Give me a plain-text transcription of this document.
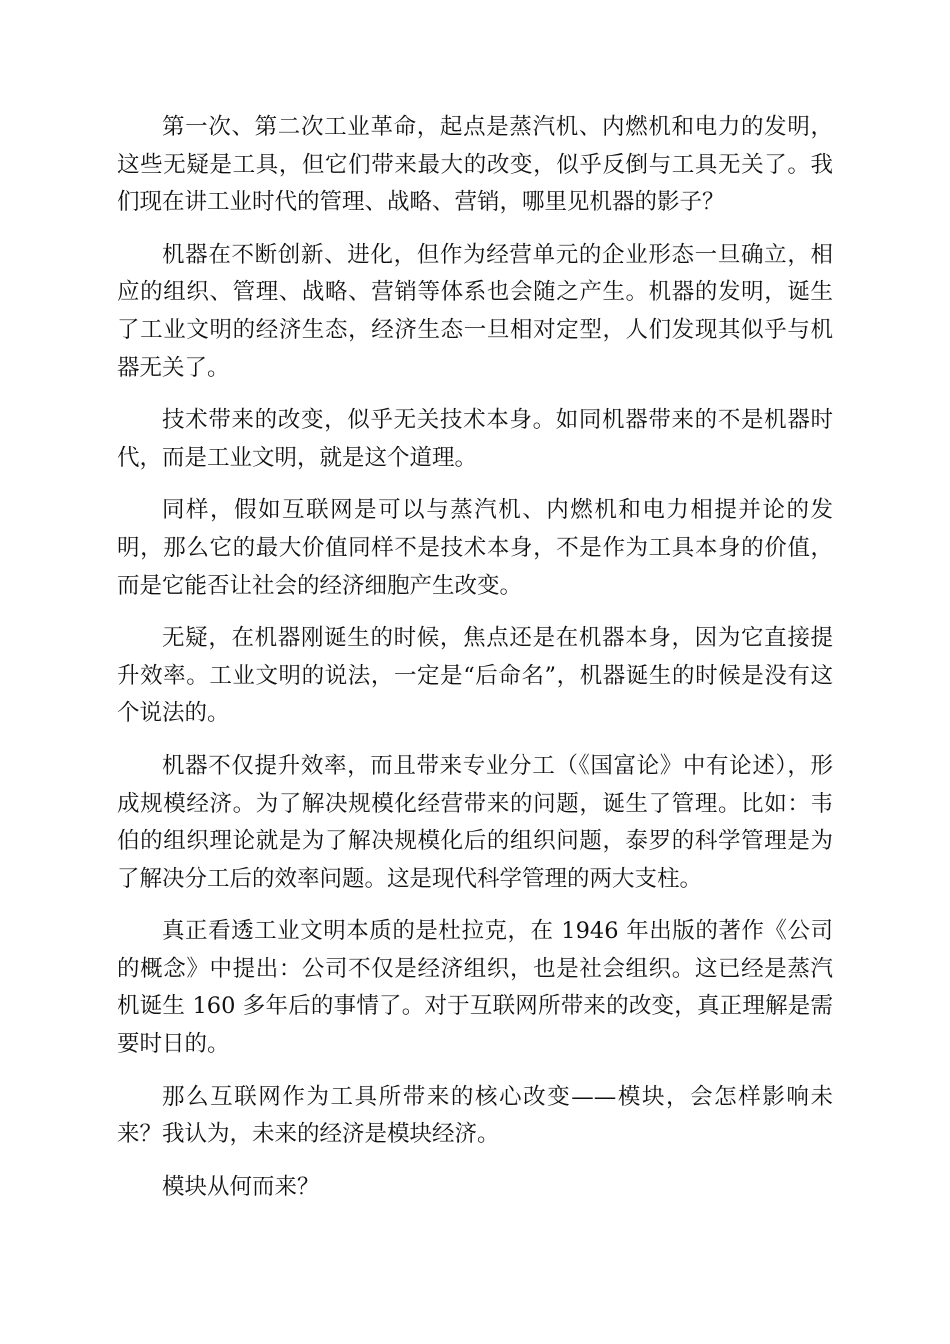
第一次、第二次工业革命，起点是蒸汽机、内燃机和电力的发明，这些无疑是工具，但它们带来最大的改变，似乎反倒与工具无关了。我们现在讲工业时代的管理、战略、营销，哪里见机器的影子？

机器在不断创新、进化，但作为经营单元的企业形态一旦确立，相应的组织、管理、战略、营销等体系也会随之产生。机器的发明，诞生了工业文明的经济生态，经济生态一旦相对定型，人们发现其似乎与机器无关了。

技术带来的改变，似乎无关技术本身。如同机器带来的不是机器时代，而是工业文明，就是这个道理。

同样，假如互联网是可以与蒸汽机、内燃机和电力相提并论的发明，那么它的最大价值同样不是技术本身，不是作为工具本身的价值，而是它能否让社会的经济细胞产生改变。

无疑，在机器刚诞生的时候，焦点还是在机器本身，因为它直接提升效率。工业文明的说法，一定是“后命名”，机器诞生的时候是没有这个说法的。

机器不仅提升效率，而且带来专业分工（《国富论》中有论述），形成规模经济。为了解决规模化经营带来的问题，诞生了管理。比如：韦伯的组织理论就是为了解决规模化后的组织问题，泰罗的科学管理是为了解决分工后的效率问题。这是现代科学管理的两大支柱。

真正看透工业文明本质的是杜拉克，在 1946 年出版的著作《公司的概念》中提出：公司不仅是经济组织，也是社会组织。这已经是蒸汽机诞生 160 多年后的事情了。对于互联网所带来的改变，真正理解是需要时日的。

那么互联网作为工具所带来的核心改变——模块，会怎样影响未来？我认为，未来的经济是模块经济。

模块从何而来？
